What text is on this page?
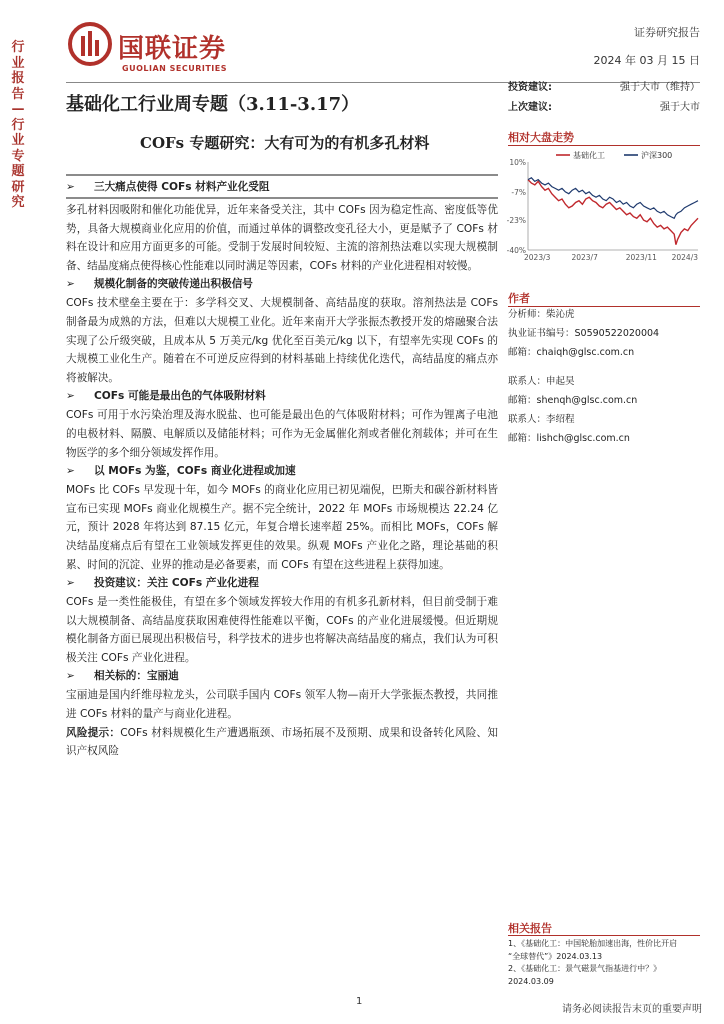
行业报告—行业专题研究
国联证券
GUOLIAN SECURITIES
证券研究报告
2024 年 03 月 15 日
基础化工行业周专题（3.11-3.17）
COFs 专题研究：大有可为的有机多孔材料
投资建议:	强于大市（维持）
上次建议:	强于大市
➢ 三大痛点使得 COFs 材料产业化受阻

多孔材料因吸附和催化功能优异，近年来备受关注，其中 COFs 因为稳定性高、密度低等优势，具备大规模商业化应用的价值，而通过单体的调整改变孔径大小，更是赋予了 COFs 材料在设计和应用方面更多的可能。受制于发展时间较短、主流的溶剂热法难以实现大规模制备、结晶度痛点使得核心性能难以同时满足等因素，COFs 材料的产业化进程相对较慢。

➢ 规模化制备的突破传递出积极信号

COFs 技术壁垒主要在于：多学科交叉、大规模制备、高结晶度的获取。溶剂热法是 COFs 制备最为成熟的方法，但难以大规模工业化。近年来南开大学张振杰教授开发的熔融聚合法实现了公斤级突破，且成本从 5 万美元/kg 优化至百美元/kg 以下，有望率先实现 COFs 的大规模工业化生产。随着在不可逆反应得到的材料基础上持续优化迭代，高结晶度的痛点亦将被解决。

➢ COFs 可能是最出色的气体吸附材料

COFs 可用于水污染治理及海水脱盐、也可能是最出色的气体吸附材料；可作为锂离子电池的电极材料、隔膜、电解质以及储能材料；可作为无金属催化剂或者催化剂载体；并可在生物医学的多个细分领域发挥作用。

➢ 以 MOFs 为鉴，COFs 商业化进程或加速

MOFs 比 COFs 早发现十年，如今 MOFs 的商业化应用已初见端倪，巴斯夫和碳谷新材料皆宣布已实现 MOFs 商业化规模生产。据不完全统计，2022 年 MOFs 市场规模达 22.24 亿元，预计 2028 年将达到 87.15 亿元，年复合增长速率超 25%。而相比 MOFs，COFs 解决结晶度痛点后有望在工业领域发挥更佳的效果。纵观 MOFs 产业化之路，理论基础的积累、时间的沉淀、业界的推动是必备要素，而 COFs 有望在这些进程上获得加速。

➢ 投资建议：关注 COFs 产业化进程

COFs 是一类性能极佳，有望在多个领域发挥较大作用的有机多孔新材料，但目前受制于难以大规模制备、高结晶度获取困难使得性能难以平衡，COFs 的产业化进展缓慢。但近期规模化制备方面已展现出积极信号，科学技术的进步也将解决高结晶度的痛点，我们认为可积极关注 COFs 产业化进程。

➢ 相关标的：宝丽迪

宝丽迪是国内纤维母粒龙头，公司联手国内 COFs 领军人物—南开大学张振杰教授，共同推进 COFs 材料的量产与商业化进程。

风险提示：COFs 材料规模化生产遭遇瓶颈、市场拓展不及预期、成果和设备转化风险、知识产权风险

相对大盘走势
10%
-7%
-23%
-40%
2023/3	2023/7	2023/11 2024/3
基础化工	沪深300
作者
分析师：柴沁虎
执业证书编号：S0590522020004
邮箱：chaiqh@glsc.com.cn
联系人：申起昊
邮箱：shenqh@glsc.com.cn
联系人：李绍程
邮箱：lishch@glsc.com.cn
相关报告
1、《基础化工：中国轮胎加速出海，性价比开启
“全球替代”》2024.03.13
2、《基础化工：景气磁景气指基进行中？》
2024.03.09
1
请务必阅读报告末页的重要声明
